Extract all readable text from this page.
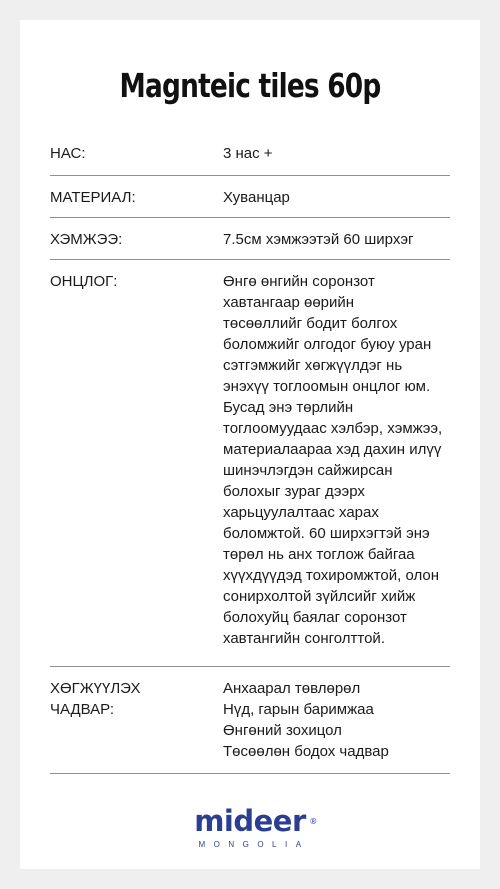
Magnteic tiles 60p
НАС:	3 нас +
МАТЕРИАЛ:	Хуванцар
ХЭМЖЭЭ:	7.5см хэмжээтэй 60 ширхэг
ОНЦЛОГ:	Өнгө өнгийн соронзот
хавтангаар өөрийн
төсөөллийг бодит болгох
боломжийг олгодог буюу уран
сэтгэмжийг хөгжүүлдэг нь
энэхүү тоглоомын онцлог юм.
Бусад энэ төрлийн
тоглоомуудаас хэлбэр, хэмжээ,
материалаараа хэд дахин илүү
шинэчлэгдэн сайжирсан
болохыг зураг дээрх
харьцуулалтаас харах
боломжтой. 60 ширхэгтэй энэ
төрөл нь анх тоглож байгаа
хүүхдүүдэд тохиромжтой, олон
сонирхолтой зүйлсийг хийж
болохуйц баялаг соронзот
хавтангийн сонголттой.
ХӨГЖҮҮЛЭХ
ЧАДВАР:
Анхаарал төвлөрөл
Нүд, гарын баримжаа
Өнгөний зохицол
Төсөөлөн бодох чадвар
mideer ®
MONGOLIA
